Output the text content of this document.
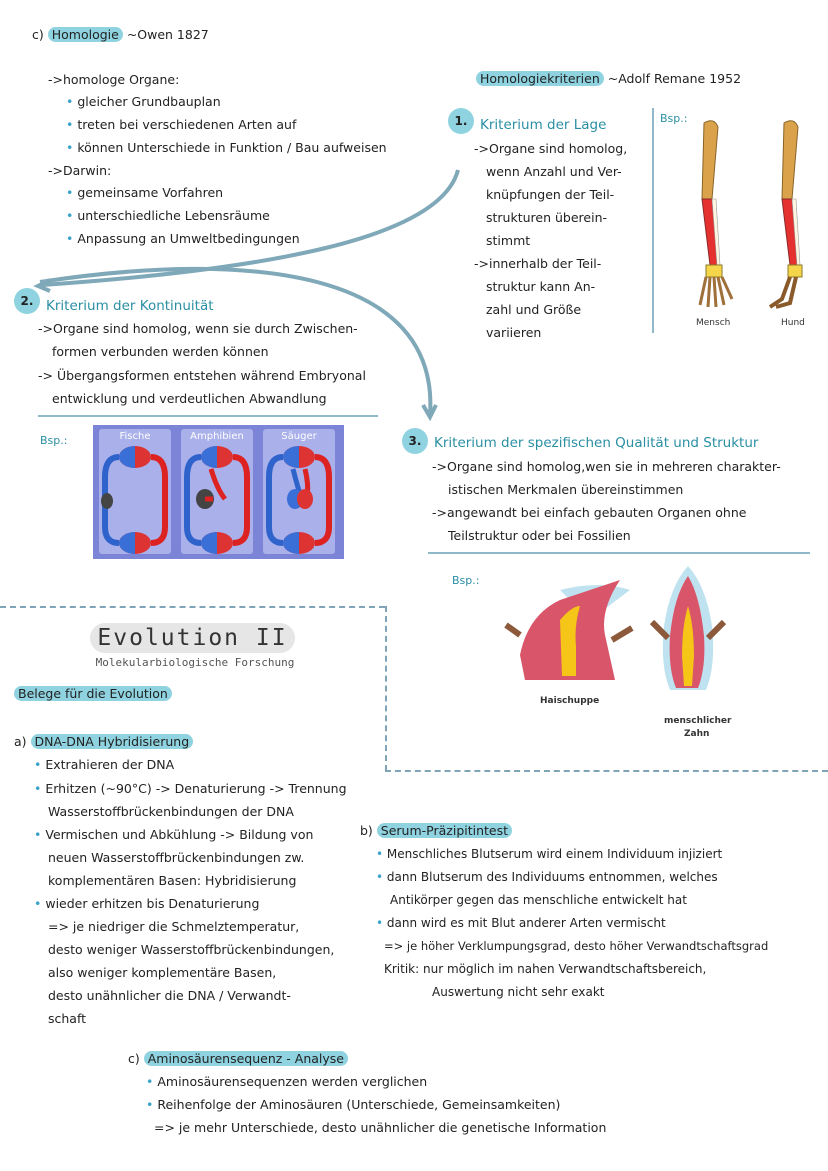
c) Homologie ~Owen 1827
->homologe Organe:
• gleicher Grundbauplan
• treten bei verschiedenen Arten auf
• können Unterschiede in Funktion / Bau aufweisen
->Darwin:
• gemeinsame Vorfahren
• unterschiedliche Lebensräume
• Anpassung an Umweltbedingungen
Homologiekriterien ~Adolf Remane 1952
1. Kriterium der Lage
->Organe sind homolog,
wenn Anzahl und Ver-
knüpfungen der Teil-
strukturen überein-
stimmt
->innerhalb der Teil-
struktur kann An-
zahl und Größe
variieren
Bsp.:
Mensch	Hund
2. Kriterium der Kontinuität
->Organe sind homolog, wenn sie durch Zwischen-
formen verbunden werden können
-> Übergangsformen entstehen während Embryonal
entwicklung und verdeutlichen Abwandlung
Bsp.:	Fische	Amphibien	Säuger	3. Kriterium der spezifischen Qualität und Struktur
->Organe sind homolog,wen sie in mehreren charakter-
istischen Merkmalen übereinstimmen
->angewandt bei einfach gebauten Organen ohne
Teilstruktur oder bei Fossilien
Bsp.:
Haischuppe
menschlicher
Zahn
Evolution II
Molekularbiologische Forschung
Belege für die Evolution
a) DNA-DNA Hybridisierung
• Extrahieren der DNA
• Erhitzen (~90°C) -> Denaturierung -> Trennung
Wasserstoffbrückenbindungen der DNA
• Vermischen und Abkühlung -> Bildung von
neuen Wasserstoffbrückenbindungen zw.
komplementären Basen: Hybridisierung
• wieder erhitzen bis Denaturierung
=> je niedriger die Schmelztemperatur,
desto weniger Wasserstoffbrückenbindungen,
also weniger komplementäre Basen,
desto unähnlicher die DNA / Verwandt-
schaft
b) Serum-Präzipitintest
• Menschliches Blutserum wird einem Individuum injiziert
• dann Blutserum des Individuums entnommen, welches
Antikörper gegen das menschliche entwickelt hat
• dann wird es mit Blut anderer Arten vermischt
=> je höher Verklumpungsgrad, desto höher Verwandtschaftsgrad
Kritik: nur möglich im nahen Verwandtschaftsbereich,
Auswertung nicht sehr exakt
c) Aminosäurensequenz - Analyse
• Aminosäurensequenzen werden verglichen
• Reihenfolge der Aminosäuren (Unterschiede, Gemeinsamkeiten)
=> je mehr Unterschiede, desto unähnlicher die genetische Information
